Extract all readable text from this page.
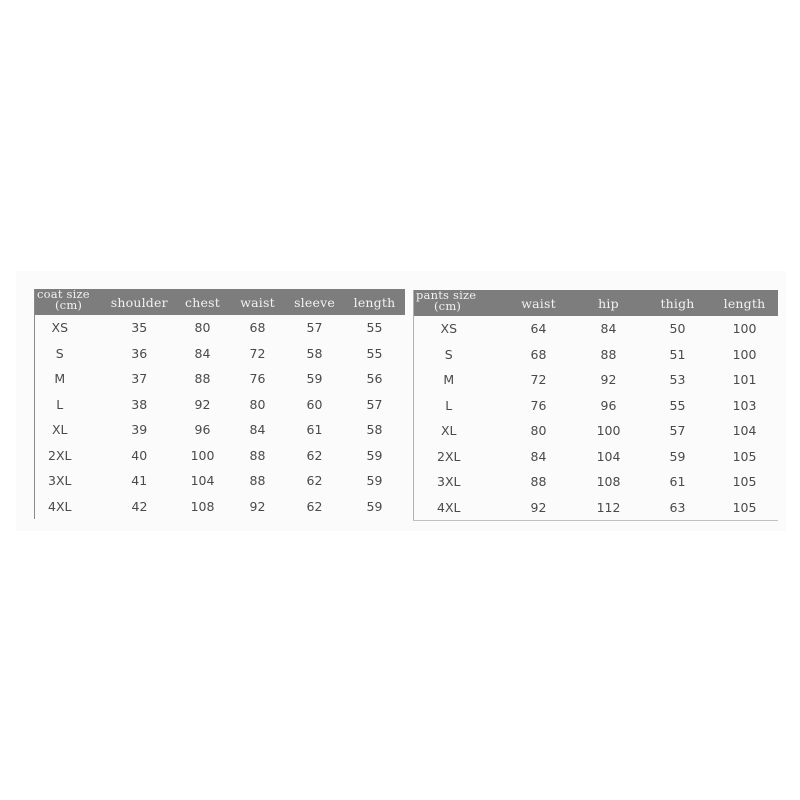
coat size
(cm)	shoulder	chest	waist	sleeve	length
XS	35	80	68	57	55
S	36	84	72	58	55
M	37	88	76	59	56
L	38	92	80	60	57
XL	39	96	84	61	58
2XL	40	100	88	62	59
3XL	41	104	88	62	59
4XL	42	108	92	62	59
pants size
(cm)	waist	hip	thigh	length
XS	64	84	50	100
S	68	88	51	100
M	72	92	53	101
L	76	96	55	103
XL	80	100	57	104
2XL	84	104	59	105
3XL	88	108	61	105
4XL	92	112	63	105
